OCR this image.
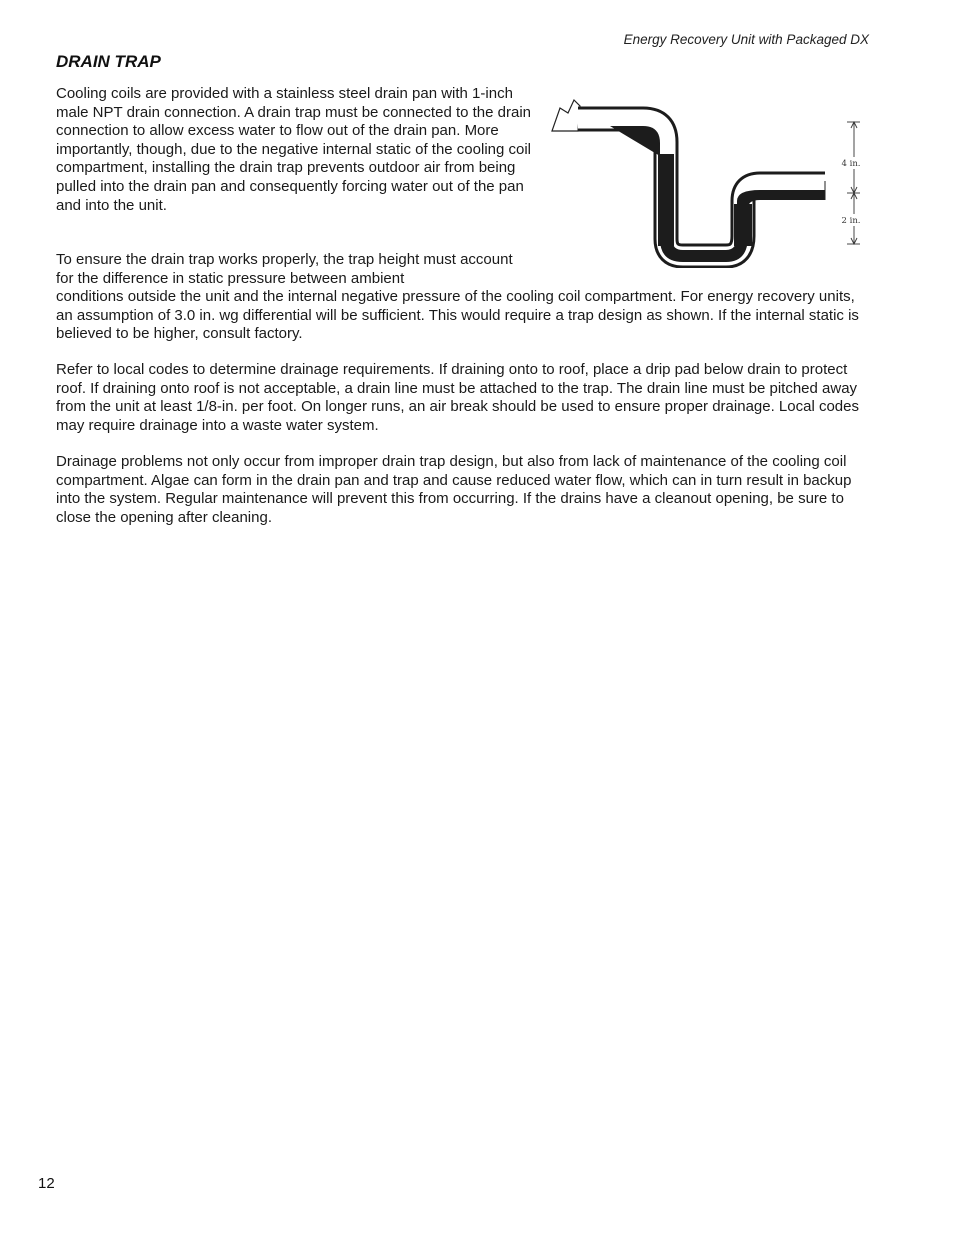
Energy Recovery Unit with Packaged DX
DRAIN TRAP

Cooling coils are provided with a stainless steel drain pan with 1-inch male NPT drain connection. A drain trap must be connected to the drain connection to allow excess water to flow out of the drain pan. More importantly, though, due to the negative internal static of the cooling coil compartment, installing the drain trap prevents outdoor air from being pulled into the drain pan and consequently forcing water out of the pan and into the unit.

4 in.
2 in.

To ensure the drain trap works properly, the trap height must account for the difference in static pressure between ambient
conditions outside the unit and the internal negative pressure of the cooling coil compartment. For energy recovery units, an assumption of 3.0 in. wg differential will be sufficient. This would require a trap design as shown. If the internal static is believed to be higher, consult factory.

Refer to local codes to determine drainage requirements. If draining onto to roof, place a drip pad below drain to protect roof. If draining onto roof is not acceptable, a drain line must be attached to the trap. The drain line must be pitched away from the unit at least 1/8-in. per foot. On longer runs, an air break should be used to ensure proper drainage. Local codes may require drainage into a waste water system.

Drainage problems not only occur from improper drain trap design, but also from lack of maintenance of the cooling coil compartment. Algae can form in the drain pan and trap and cause reduced water flow, which can in turn result in backup into the system. Regular maintenance will prevent this from occurring. If the drains have a cleanout opening, be sure to close the opening after cleaning.

12
